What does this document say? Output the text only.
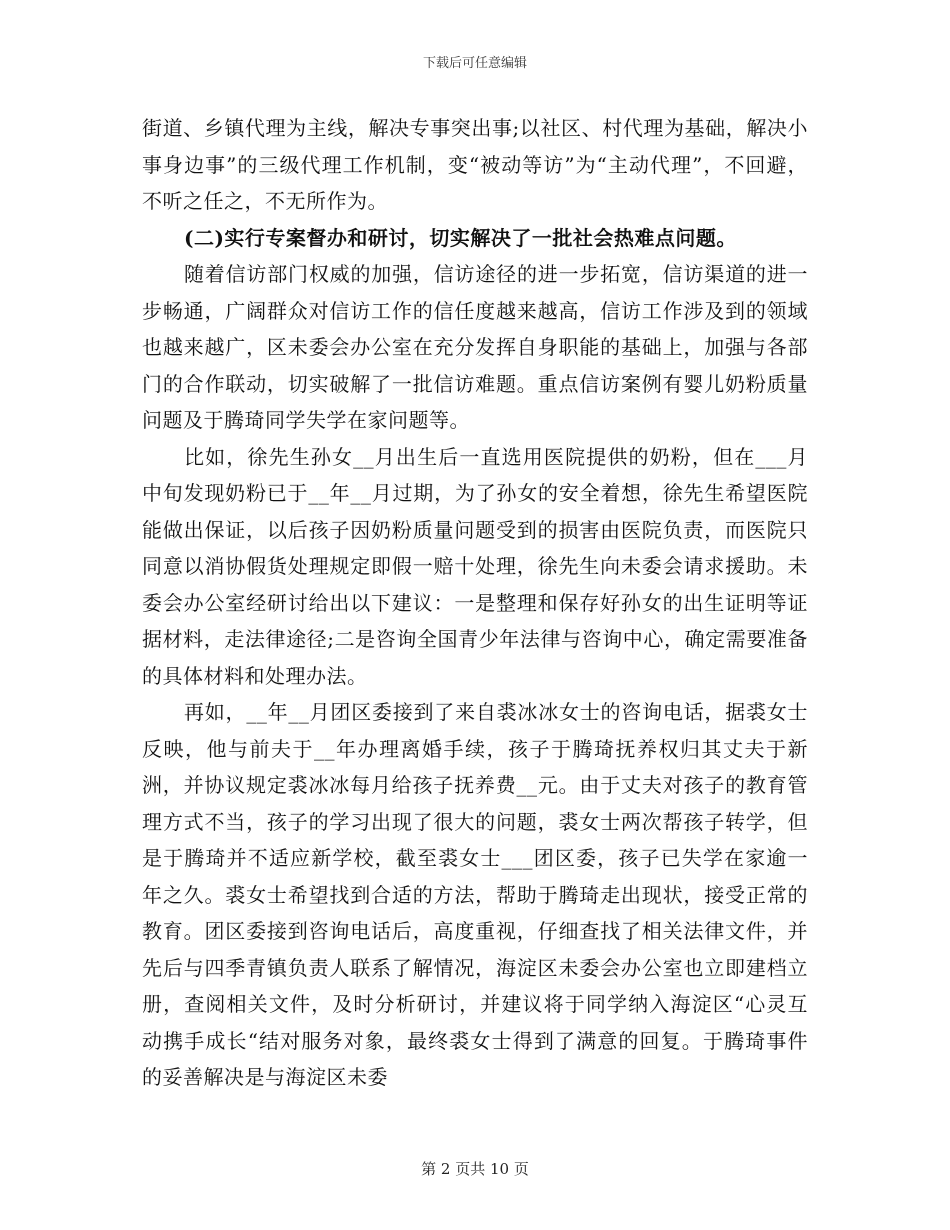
下载后可任意编辑

街道、乡镇代理为主线，解决专事突出事;以社区、村代理为基础，解决小事身边事”的三级代理工作机制，变“被动等访”为“主动代理”，不回避，不听之任之，不无所作为。

(二)实行专案督办和研讨，切实解决了一批社会热难点问题。

随着信访部门权威的加强，信访途径的进一步拓宽，信访渠道的进一步畅通，广阔群众对信访工作的信任度越来越高，信访工作涉及到的领域也越来越广，区未委会办公室在充分发挥自身职能的基础上，加强与各部门的合作联动，切实破解了一批信访难题。重点信访案例有婴儿奶粉质量问题及于腾琦同学失学在家问题等。

比如，徐先生孙女__月出生后一直选用医院提供的奶粉，但在___月中旬发现奶粉已于__年__月过期，为了孙女的安全着想，徐先生希望医院能做出保证，以后孩子因奶粉质量问题受到的损害由医院负责，而医院只同意以消协假货处理规定即假一赔十处理，徐先生向未委会请求援助。未委会办公室经研讨给出以下建议：一是整理和保存好孙女的出生证明等证据材料，走法律途径;二是咨询全国青少年法律与咨询中心，确定需要准备的具体材料和处理办法。

再如，__年__月团区委接到了来自裘冰冰女士的咨询电话，据裘女士反映，他与前夫于__年办理离婚手续，孩子于腾琦抚养权归其丈夫于新洲，并协议规定裘冰冰每月给孩子抚养费__元。由于丈夫对孩子的教育管理方式不当，孩子的学习出现了很大的问题，裘女士两次帮孩子转学，但是于腾琦并不适应新学校，截至裘女士___团区委，孩子已失学在家逾一年之久。裘女士希望找到合适的方法，帮助于腾琦走出现状，接受正常的教育。团区委接到咨询电话后，高度重视，仔细查找了相关法律文件，并先后与四季青镇负责人联系了解情况，海淀区未委会办公室也立即建档立册，查阅相关文件，及时分析研讨，并建议将于同学纳入海淀区“心灵互动携手成长“结对服务对象，最终裘女士得到了满意的回复。于腾琦事件的妥善解决是与海淀区未委

第 2 页共 10 页
